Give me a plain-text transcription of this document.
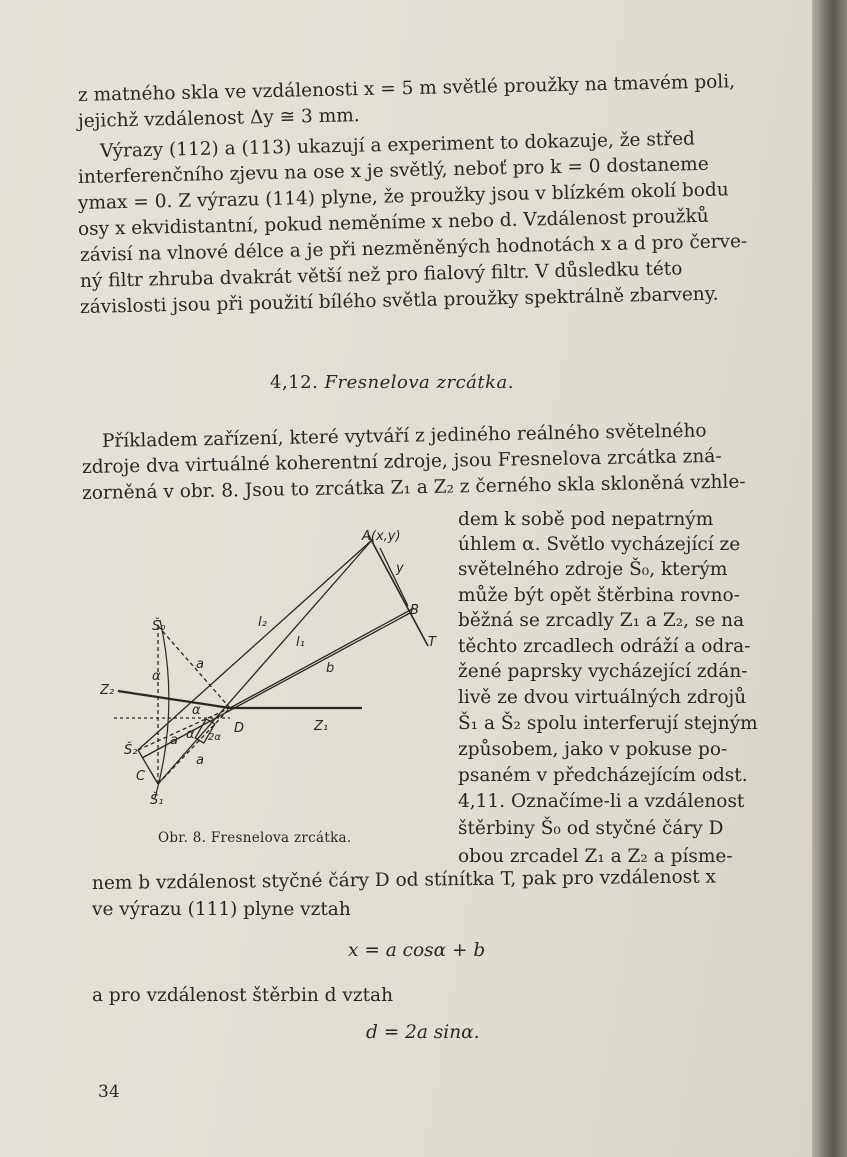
z matného skla ve vzdálenosti x = 5 m světlé proužky na tmavém poli,
jejichž vzdálenost Δy ≅ 3 mm.
Výrazy (112) a (113) ukazují a experiment to dokazuje, že střed
interferenčního zjevu na ose x je světlý, neboť pro k = 0 dostaneme
ymax = 0. Z výrazu (114) plyne, že proužky jsou v blízkém okolí bodu
osy x ekvidistantní, pokud neměníme x nebo d. Vzdálenost proužků
závisí na vlnové délce a je při nezměněných hodnotách x a d pro červe-
ný filtr zhruba dvakrát větší než pro fialový filtr. V důsledku této
závislosti jsou při použití bílého světla proužky spektrálně zbarveny.
4,12. Fresnelova zrcátka.
Příkladem zařízení, které vytváří z jediného reálného světelného
zdroje dva virtuálné koherentní zdroje, jsou Fresnelova zrcátka zná-
zorněná v obr. 8. Jsou to zrcátka Z₁ a Z₂ z černého skla skloněná vzhle-
dem k sobě pod nepatrným
úhlem α. Světlo vycházející ze
světelného zdroje Š₀, kterým
může být opět štěrbina rovno-
běžná se zrcadly Z₁ a Z₂, se na
těchto zrcadlech odráží a odra-
žené paprsky vycházející zdán-
livě ze dvou virtuálných zdrojů
Š₁ a Š₂ spolu interferují stejným
způsobem, jako v pokuse po-
psaném v předcházejícím odst.
4,11. Označíme-li a vzdálenost
štěrbiny Š₀ od styčné čáry D
obou zrcadel Z₁ a Z₂ a písme-
A(x,y)
y
B
T
l₂
l₁
b
Š₀
Š₂
Š₁
Z₂
Z₁
D
C
a
a
a
α
α
α 2α
Obr. 8. Fresnelova zrcátka.
nem b vzdálenost styčné čáry D od stínítka T, pak pro vzdálenost x
ve výrazu (111) plyne vztah
x = a cosα + b
a pro vzdálenost štěrbin d vztah
d = 2a sinα.
34
